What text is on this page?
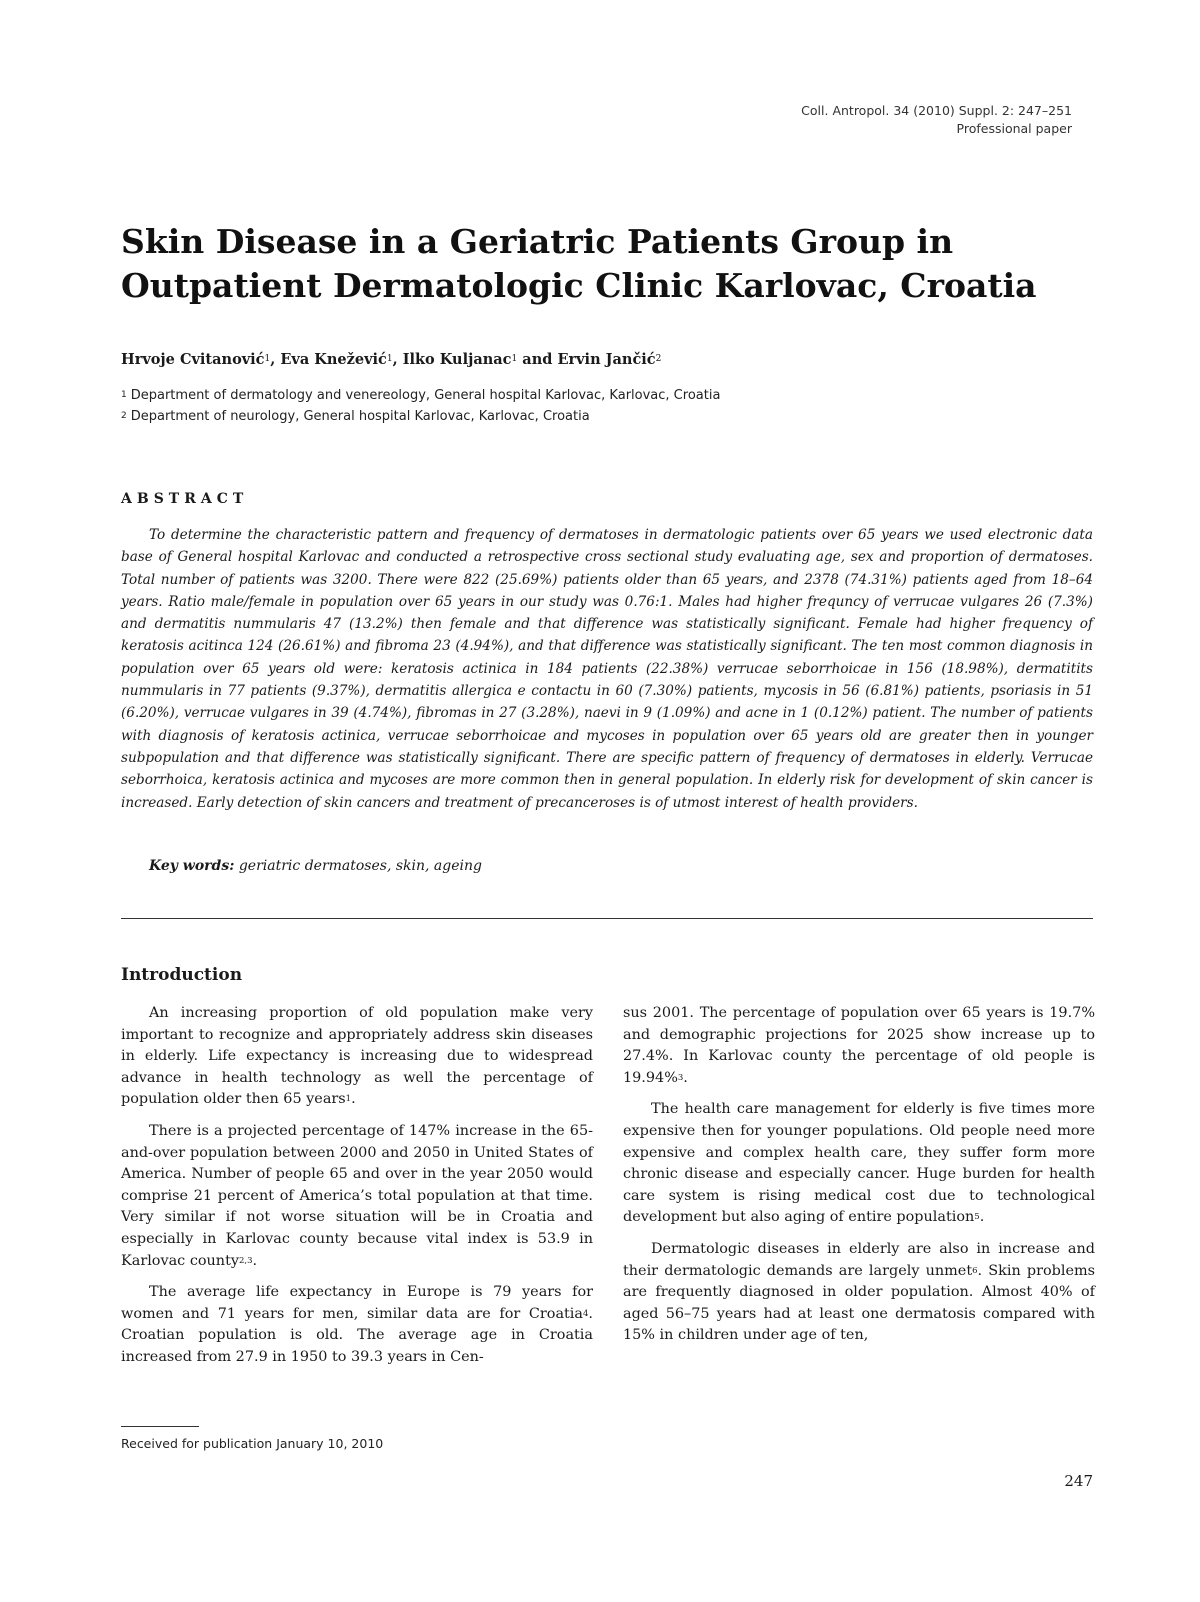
Coll. Antropol. 34 (2010) Suppl. 2: 247–251
Professional paper
Skin Disease in a Geriatric Patients Group in Outpatient Dermatologic Clinic Karlovac, Croatia
Hrvoje Cvitanović$^1$, Eva Knežević$^1$, Ilko Kuljanac$^1$ and Ervin Jančić$^2$
$^1$ Department of dermatology and venereology, General hospital Karlovac, Karlovac, Croatia
$^2$ Department of neurology, General hospital Karlovac, Karlovac, Croatia
ABSTRACT

To determine the characteristic pattern and frequency of dermatoses in dermatologic patients over 65 years we used electronic data base of General hospital Karlovac and conducted a retrospective cross sectional study evaluating age, sex and proportion of dermatoses. Total number of patients was 3200. There were 822 (25.69%) patients older than 65 years, and 2378 (74.31%) patients aged from 18–64 years. Ratio male/female in population over 65 years in our study was 0.76:1. Males had higher frequncy of verrucae vulgares 26 (7.3%) and dermatitis nummularis 47 (13.2%) then female and that difference was statistically significant. Female had higher frequency of keratosis acitinca 124 (26.61%) and fibroma 23 (4.94%), and that difference was statistically significant. The ten most common diagnosis in population over 65 years old were: keratosis actinica in 184 patients (22.38%) verrucae seborrhoicae in 156 (18.98%), dermatitits nummularis in 77 patients (9.37%), dermatitis allergica e contactu in 60 (7.30%) patients, mycosis in 56 (6.81%) patients, psoriasis in 51 (6.20%), verrucae vulgares in 39 (4.74%), fibromas in 27 (3.28%), naevi in 9 (1.09%) and acne in 1 (0.12%) patient. The number of patients with diagnosis of keratosis actinica, verrucae seborrhoicae and mycoses in population over 65 years old are greater then in younger subpopulation and that difference was statistically significant. There are specific pattern of frequency of dermatoses in elderly. Verrucae seborrhoica, keratosis actinica and mycoses are more common then in general population. In elderly risk for development of skin cancer is increased. Early detection of skin cancers and treatment of precanceroses is of utmost interest of health providers.

Key words: geriatric dermatoses, skin, ageing
Introduction

An increasing proportion of old population make very important to recognize and appropriately address skin diseases in elderly. Life expectancy is increasing due to widespread advance in health technology as well the percentage of population older then 65 years$^1$.

There is a projected percentage of 147% increase in the 65-and-over population between 2000 and 2050 in United States of America. Number of people 65 and over in the year 2050 would comprise 21 percent of America’s total population at that time. Very similar if not worse situation will be in Croatia and especially in Karlovac county because vital index is 53.9 in Karlovac county$^{2,3}$.

The average life expectancy in Europe is 79 years for women and 71 years for men, similar data are for Croatia$^4$. Croatian population is old. The average age in Croatia increased from 27.9 in 1950 to 39.3 years in Cen-

sus 2001. The percentage of population over 65 years is 19.7% and demographic projections for 2025 show increase up to 27.4%. In Karlovac county the percentage of old people is 19.94%$^3$.

The health care management for elderly is five times more expensive then for younger populations. Old people need more expensive and complex health care, they suffer form more chronic disease and especially cancer. Huge burden for health care system is rising medical cost due to technological development but also aging of entire population$^5$.

Dermatologic diseases in elderly are also in increase and their dermatologic demands are largely unmet$^6$. Skin problems are frequently diagnosed in older population. Almost 40% of aged 56–75 years had at least one dermatosis compared with 15% in children under age of ten,

Received for publication January 10, 2010
247
